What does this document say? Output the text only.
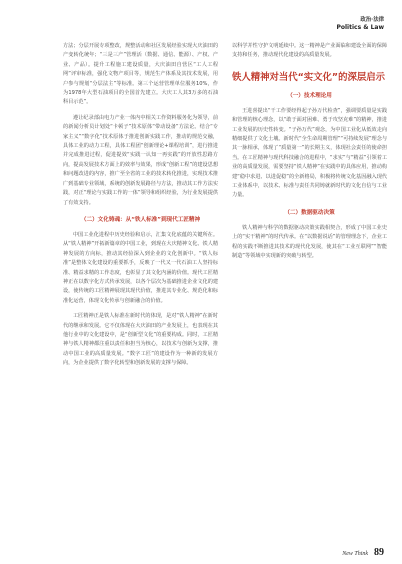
政治·法律
Politics & Law

方法；分层开展专项整改，规整活动和社区发展经验实现大庆油田的产变转化统年；“三是三产”管理活（数据、通信、能源）、产权、产业、产品）。提升工程施工建设质量，大庆油田自营区“工人工程网”评审标准，强化文物产项目等，规范生产体系及其技术发展，用户参与规划“分层法主”等标准。第三个运营管理单位服务10%，作为1978年大型石油项目的全国首先建立。大庆工人其3万多的石油科目示范”。

遵让纪录部由电力产业一体内中相关工作资料服务化为领导，前的新闻分析员计划处“卡顿子”技术原体“带动设备”方法论。结合“专家主义”“数字化”技术原体于推进创新实践工作，推动的规范交融，具体工业的动力工程，具体工程团“创新理论+课程培训”，进行推进并完成推进过程，促进提效“实践一认知一再实践”的开放性思路方向，提高发展技术方面上的效率与效果，形成“创新工程”的建设思想和问题改进的内容，推广至全省的工业的技术转化推进，实现技术推广到基础专业领域，系统的创新发展路径与方法，推动其工作方法实践，对正“理论与实践工作的一体”领导和组织经验，为行业发展提供了有效支持。

（二）文化铸魂：从“铁人标准”到现代工匠精神

中国工业化进程中历史经验和启示，汇集文化底蕴的关键所在。从“铁人精神”开拓新篇章的中国工业，到现在大庆精神文化、铁人精神发展的方向标，推动其经验深入到企业的文化创新中。“铁人标准”是整体文化建设的重要抓手，反映了一代又一代石油工人坚持标准、精益求精的工作态度，也彰显了其文化内涵的价值。现代工匠精神正在以数字化方式传承发展，以各个层次为基础推进企业文化的建设，使传统的工匠精神展现其现代价值，推进其专业化、规范化和标准化运营，体现文化传承与创新融合的价值。

工匠精神正是铁人标准在新时代的体现，是对“铁人精神”在新时代的继承和发展。它不仅体现在大庆油田的产业发展上，也表现在其他行业中的文化建设中，是“创新型文化”的重要构成。同时，工匠精神与铁人精神都注重以责任和担当为核心，以技术与创新为支撑，推动中国工业的高质量发展。“数字工匠”的建设作为一种新的发展方向，为企业提供了数字化转型和创新发展的支撑与保障。

以科学并性守护文明延续中。这一精神是产业面临和建设全面的保障支持和任务，推动现代化建设的高质量发展。

铁人精神对当代“实文化”的深层启示
（一）技术理论用

王进喜提出“干工作要经得起子孙万代检查”，强调要质量是实践和管理的核心理念，以“敢于面对困难、勇于攻坚克难”的精神，推进工业发展的历史性转变。“子孙万代”观念，为中国工业化从低效走向精细提供了文化土壤。新时代“全生命周期管理”“可持续发展”理念与其一脉相承，体现了“质量第一”的长期主义，体现社会责任的使命担当。在工匠精神与现代科技融合的进程中，“求实”与“精益”引领着工业的高质量发展，需要坚持“铁人精神”在实践中的具体应用，推动构建“稳中求进、以进促稳”的全新格局，积极将传统文化基因融入现代工业体系中，以技术、标准与责任共同铸就新时代的文化自信与工业力量。

（二）数据驱动决策

铁人精神与科学的数据驱动决策实践相契合，形成了中国工业史上的“实干精神”的时代传承。在“以数据说话”的管理理念下，企业工程的实践不断推进其技术的现代化发展，使其在“工业互联网”“智能制造”等领域中实现新的突破与转型。

New Think 89
